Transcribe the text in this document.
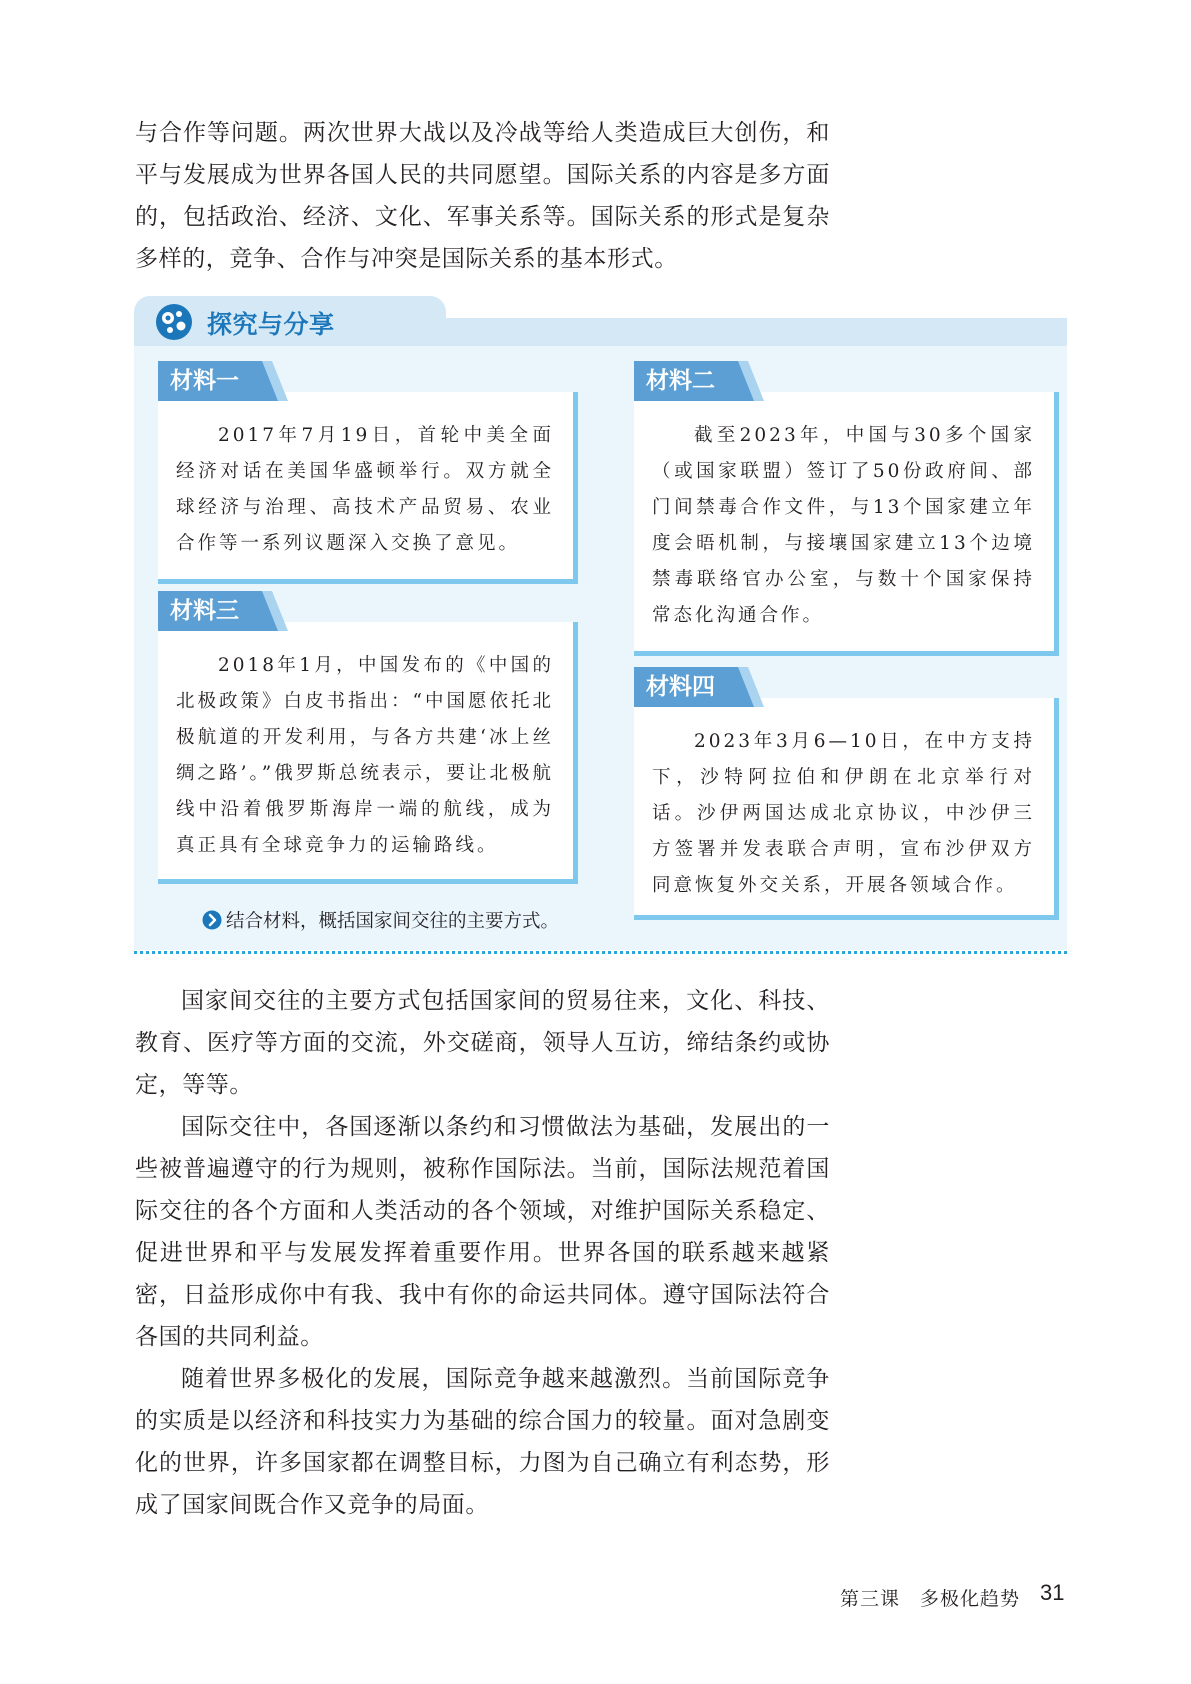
与合作等问题。两次世界大战以及冷战等给人类造成巨大创伤，和平与发展成为世界各国人民的共同愿望。国际关系的内容是多方面的，包括政治、经济、文化、军事关系等。国际关系的形式是复杂多样的，竞争、合作与冲突是国际关系的基本形式。

探究与分享

2017年7月19日，首轮中美全面经济对话在美国华盛顿举行。双方就全球经济与治理、高技术产品贸易、农业合作等一系列议题深入交换了意见。

材料一

截至2023年，中国与30多个国家（或国家联盟）签订了50份政府间、部门间禁毒合作文件，与13个国家建立年度会晤机制，与接壤国家建立13个边境禁毒联络官办公室，与数十个国家保持常态化沟通合作。

材料二

2018年1月，中国发布的《中国的北极政策》白皮书指出：“中国愿依托北极航道的开发利用，与各方共建‘冰上丝绸之路’。”俄罗斯总统表示，要让北极航线中沿着俄罗斯海岸一端的航线，成为真正具有全球竞争力的运输路线。

材料三

2023年3月6—10日，在中方支持下，沙特阿拉伯和伊朗在北京举行对话。沙伊两国达成北京协议，中沙伊三方签署并发表联合声明，宣布沙伊双方同意恢复外交关系，开展各领域合作。

材料四
结合材料，概括国家间交往的主要方式。

国家间交往的主要方式包括国家间的贸易往来，文化、科技、教育、医疗等方面的交流，外交磋商，领导人互访，缔结条约或协定，等等。

国际交往中，各国逐渐以条约和习惯做法为基础，发展出的一些被普遍遵守的行为规则，被称作国际法。当前，国际法规范着国际交往的各个方面和人类活动的各个领域，对维护国际关系稳定、促进世界和平与发展发挥着重要作用。世界各国的联系越来越紧密，日益形成你中有我、我中有你的命运共同体。遵守国际法符合各国的共同利益。

随着世界多极化的发展，国际竞争越来越激烈。当前国际竞争的实质是以经济和科技实力为基础的综合国力的较量。面对急剧变化的世界，许多国家都在调整目标，力图为自己确立有利态势，形成了国家间既合作又竞争的局面。

第三课　多极化趋势 31
